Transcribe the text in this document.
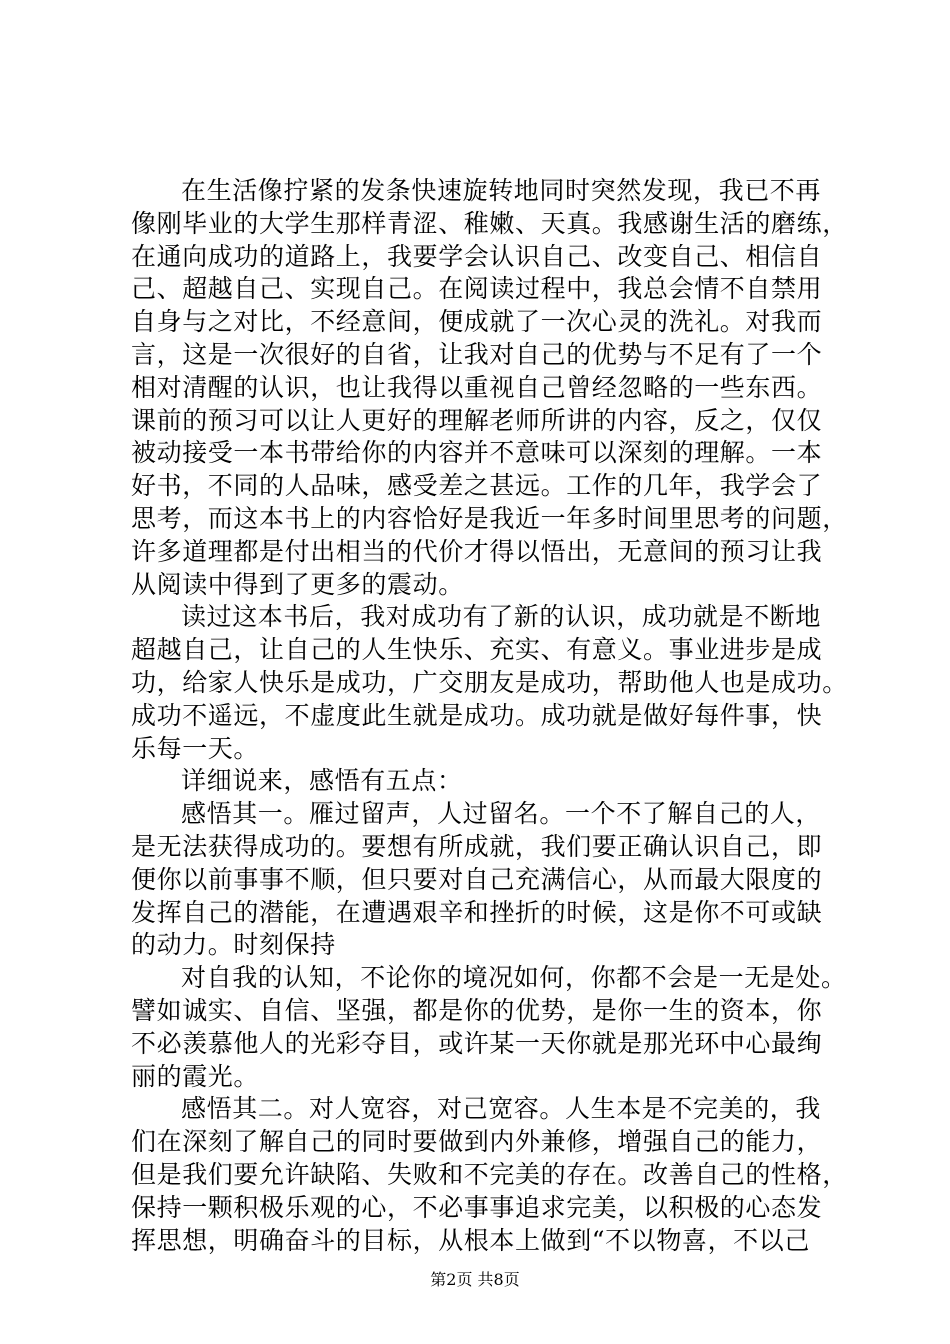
在生活像拧紧的发条快速旋转地同时突然发现，我已不再
像刚毕业的大学生那样青涩、稚嫩、天真。我感谢生活的磨练，
在通向成功的道路上，我要学会认识自己、改变自己、相信自
己、超越自己、实现自己。在阅读过程中，我总会情不自禁用
自身与之对比，不经意间，便成就了一次心灵的洗礼。对我而
言，这是一次很好的自省，让我对自己的优势与不足有了一个
相对清醒的认识，也让我得以重视自己曾经忽略的一些东西。
课前的预习可以让人更好的理解老师所讲的内容，反之，仅仅
被动接受一本书带给你的内容并不意味可以深刻的理解。一本
好书，不同的人品味，感受差之甚远。工作的几年，我学会了
思考，而这本书上的内容恰好是我近一年多时间里思考的问题，
许多道理都是付出相当的代价才得以悟出，无意间的预习让我
从阅读中得到了更多的震动。
读过这本书后，我对成功有了新的认识，成功就是不断地
超越自己，让自己的人生快乐、充实、有意义。事业进步是成
功，给家人快乐是成功，广交朋友是成功，帮助他人也是成功。
成功不遥远，不虚度此生就是成功。成功就是做好每件事，快
乐每一天。
详细说来，感悟有五点：
感悟其一。雁过留声，人过留名。一个不了解自己的人，
是无法获得成功的。要想有所成就，我们要正确认识自己，即
便你以前事事不顺，但只要对自己充满信心，从而最大限度的
发挥自己的潜能，在遭遇艰辛和挫折的时候，这是你不可或缺
的动力。时刻保持
对自我的认知，不论你的境况如何，你都不会是一无是处。
譬如诚实、自信、坚强，都是你的优势，是你一生的资本，你
不必羡慕他人的光彩夺目，或许某一天你就是那光环中心最绚
丽的霞光。
感悟其二。对人宽容，对己宽容。人生本是不完美的，我
们在深刻了解自己的同时要做到内外兼修，增强自己的能力，
但是我们要允许缺陷、失败和不完美的存在。改善自己的性格，
保持一颗积极乐观的心，不必事事追求完美，以积极的心态发
挥思想，明确奋斗的目标，从根本上做到“不以物喜，不以己
第2页 共8页
